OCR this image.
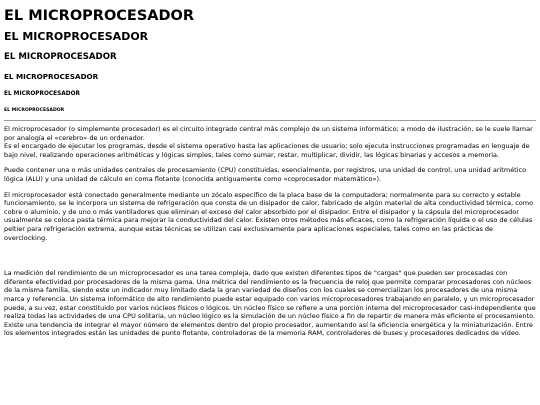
EL MICROPROCESADOR
EL MICROPROCESADOR
EL MICROPROCESADOR
EL MICROPROCESADOR
EL MICROPROCESADOR
EL MICROPROCESADOR

El microprocesador (o simplemente procesador) es el circuito integrado central más complejo de un sistema informático; a modo de ilustración, se le suele llamar por analogía el «cerebro» de un ordenador.

Es el encargado de ejecutar los programas, desde el sistema operativo hasta las aplicaciones de usuario; solo ejecuta instrucciones programadas en lenguaje de bajo nivel, realizando operaciones aritméticas y lógicas simples, tales como sumar, restar, multiplicar, dividir, las lógicas binarias y accesos a memoria.

Puede contener una o más unidades centrales de procesamiento (CPU) constituidas, esencialmente, por registros, una unidad de control, una unidad aritmético lógica (ALU) y una unidad de cálculo en coma flotante (conocida antiguamente como «coprocesador matemático»).

El microprocesador está conectado generalmente mediante un zócalo específico de la placa base de la computadora; normalmente para su correcto y estable funcionamiento, se le incorpora un sistema de refrigeración que consta de un disipador de calor, fabricado de algún material de alta conductividad térmica, como cobre o aluminio, y de uno o más ventiladores que eliminan el exceso del calor absorbido por el disipador. Entre el disipador y la cápsula del microprocesador usualmente se coloca pasta térmica para mejorar la conductividad del calor. Existen otros métodos más eficaces, como la refrigeración líquida o el uso de células peltier para refrigeración extrema, aunque estas técnicas se utilizan casi exclusivamente para aplicaciones especiales, tales como en las prácticas de overclocking.

La medición del rendimiento de un microprocesador es una tarea compleja, dado que existen diferentes tipos de "cargas" que pueden ser procesadas con diferente efectividad por procesadores de la misma gama. Una métrica del rendimiento es la frecuencia de reloj que permite comparar procesadores con núcleos de la misma familia, siendo este un indicador muy limitado dada la gran variedad de diseños con los cuales se comercializan los procesadores de una misma marca y referencia. Un sistema informático de alto rendimiento puede estar equipado con varios microprocesadores trabajando en paralelo, y un microprocesador puede, a su vez, estar constituido por varios núcleos físicos o lógicos. Un núcleo físico se refiere a una porción interna del microprocesador casi-independiente que realiza todas las actividades de una CPU solitaria, un núcleo lógico es la simulación de un núcleo físico a fin de repartir de manera más eficiente el procesamiento. Existe una tendencia de integrar el mayor número de elementos dentro del propio procesador, aumentando así la eficiencia energética y la miniaturización. Entre los elementos integrados están las unidades de punto flotante, controladoras de la memoria RAM, controladores de buses y procesadores dedicados de vídeo.
